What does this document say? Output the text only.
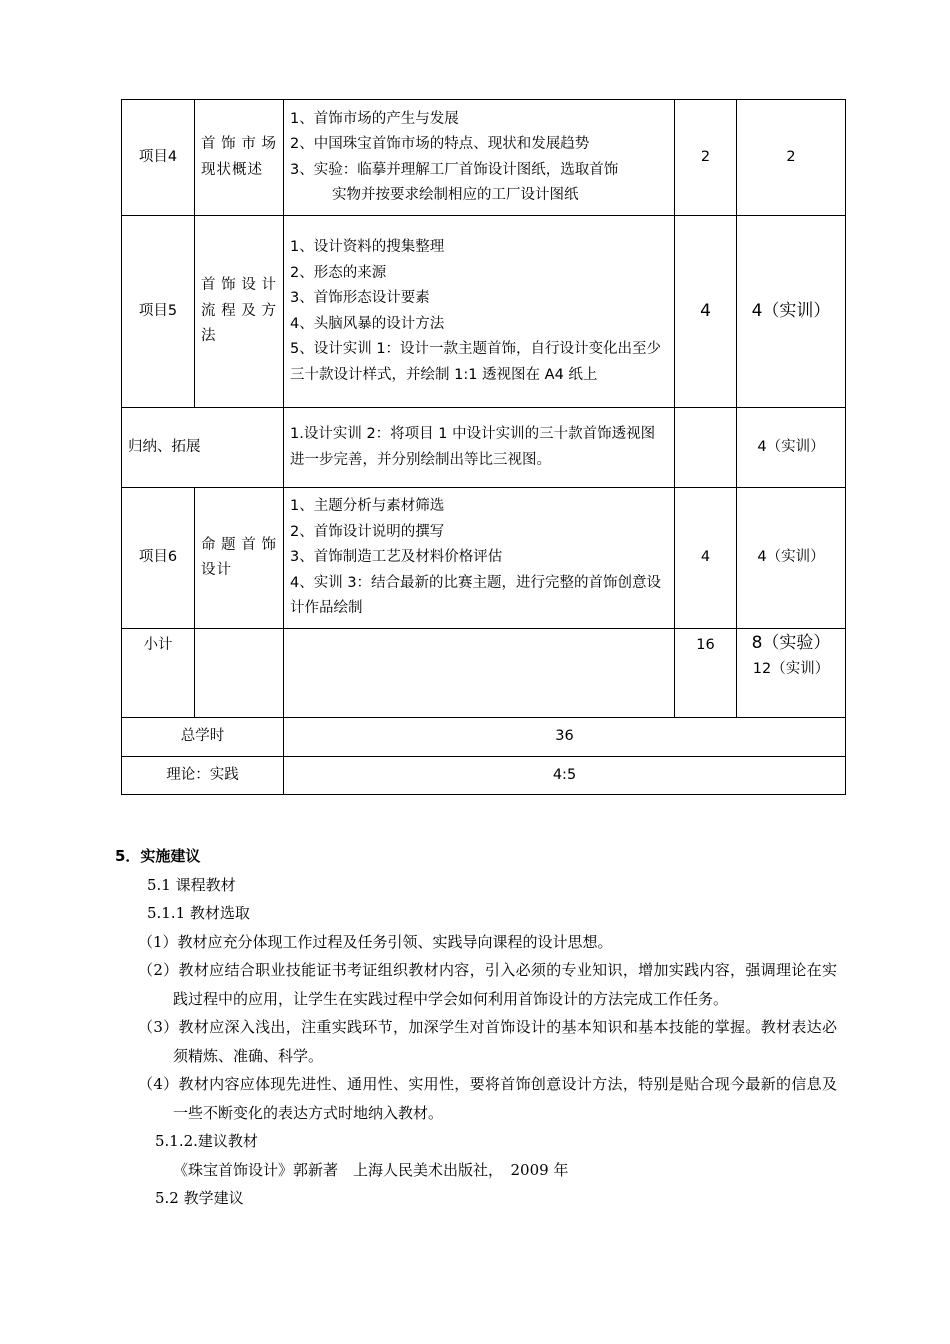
项目4	首饰市场现状概述	1、首饰市场的产生与发展
2、中国珠宝首饰市场的特点、现状和发展趋势
3、实验：临摹并理解工厂首饰设计图纸，选取首饰
实物并按要求绘制相应的工厂设计图纸	2	2
项目5	首饰设计流程及方法	1、设计资料的搜集整理
2、形态的来源
3、首饰形态设计要素
4、头脑风暴的设计方法
5、设计实训 1：设计一款主题首饰，自行设计变化出至少三十款设计样式，并绘制 1:1 透视图在 A4 纸上	4	4（实训）
归纳、拓展		1.设计实训 2：将项目 1 中设计实训的三十款首饰透视图进一步完善，并分别绘制出等比三视图。		4（实训）
项目6	命题首饰设计	1、主题分析与素材筛选
2、首饰设计说明的撰写
3、首饰制造工艺及材料价格评估
4、实训 3：结合最新的比赛主题，进行完整的首饰创意设计作品绘制	4	4（实训）
小计			16	8（实验）
12（实训）

总学时		36		
理论：实践		4:5		

5．实施建议

5.1 课程教材

5.1.1 教材选取

（1）教材应充分体现工作过程及任务引领、实践导向课程的设计思想。

（2）教材应结合职业技能证书考证组织教材内容，引入必须的专业知识，增加实践内容，强调理论在实践过程中的应用，让学生在实践过程中学会如何利用首饰设计的方法完成工作任务。

（3）教材应深入浅出，注重实践环节，加深学生对首饰设计的基本知识和基本技能的掌握。教材表达必须精炼、准确、科学。

（4）教材内容应体现先进性、通用性、实用性，要将首饰创意设计方法，特别是贴合现今最新的信息及一些不断变化的表达方式时地纳入教材。

5.1.2.建议教材

《珠宝首饰设计》郭新著　上海人民美术出版社，　2009 年

5.2 教学建议
